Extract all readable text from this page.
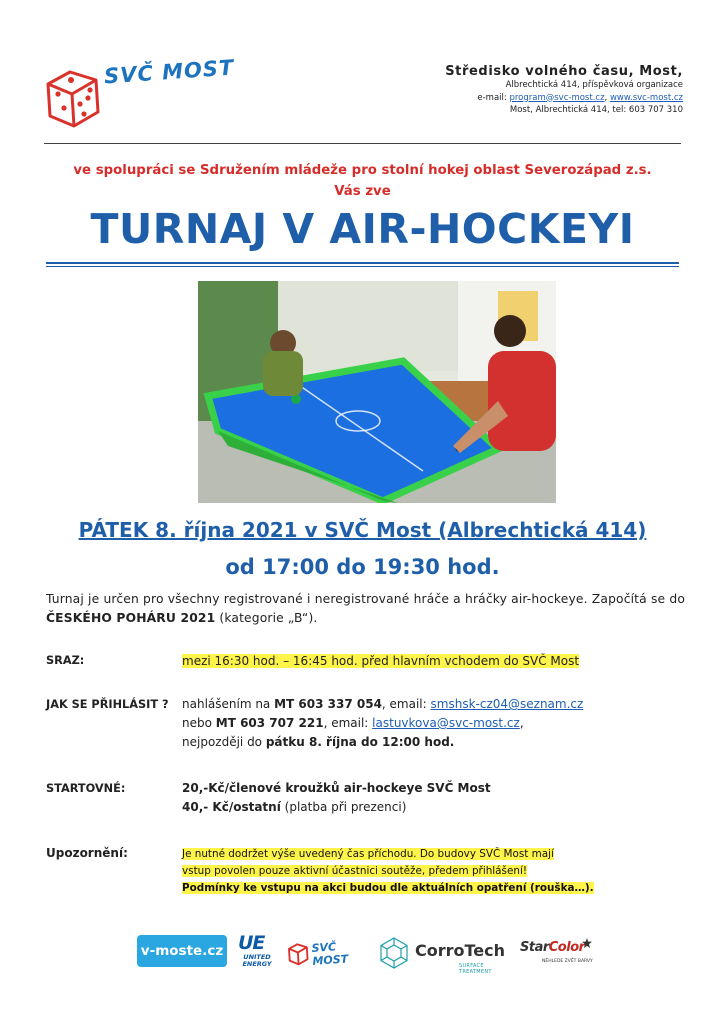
SVČ MOST	Středisko volného času, Most,
Albrechtická 414, příspěvková organizace
e-mail: program@svc-most.cz, www.svc-most.cz
Most, Albrechtická 414, tel: 603 707 310
ve spolupráci se Sdružením mládeže pro stolní hokej oblast Severozápad z.s.
Vás zve
TURNAJ V AIR-HOCKEYI
PÁTEK 8. října 2021 v SVČ Most (Albrechtická 414)
od 17:00 do 19:30 hod.
Turnaj je určen pro všechny registrované i neregistrované hráče a hráčky air-hockeye. Započítá se do ČESKÉHO POHÁRU 2021 (kategorie „B“).
SRAZ:	mezi 16:30 hod. – 16:45 hod. před hlavním vchodem do SVČ Most
JAK SE PŘIHLÁSIT ? nahlášením na MT 603 337 054, email: smshsk-cz04@seznam.cz
nebo MT 603 707 221, email: lastuvkova@svc-most.cz,
nejpozději do pátku 8. října do 12:00 hod.
STARTOVNÉ:	20,-Kč/členové kroužků air-hockeye SVČ Most
40,- Kč/ostatní (platba při prezenci)
Upozornění:	Je nutné dodržet výše uvedený čas příchodu. Do budovy SVČ Most mají
vstup povolen pouze aktivní účastnici soutěže, předem přihlášení!
Podmínky ke vstupu na akci budou dle aktuálních opatření (rouška…).
v-moste.cz UE
UNITED
ENERGY
SVČ MOST
CorroTech
SURFACE TREATMENT
StarColor
NĚHLEDE ZVĚT BARVY
